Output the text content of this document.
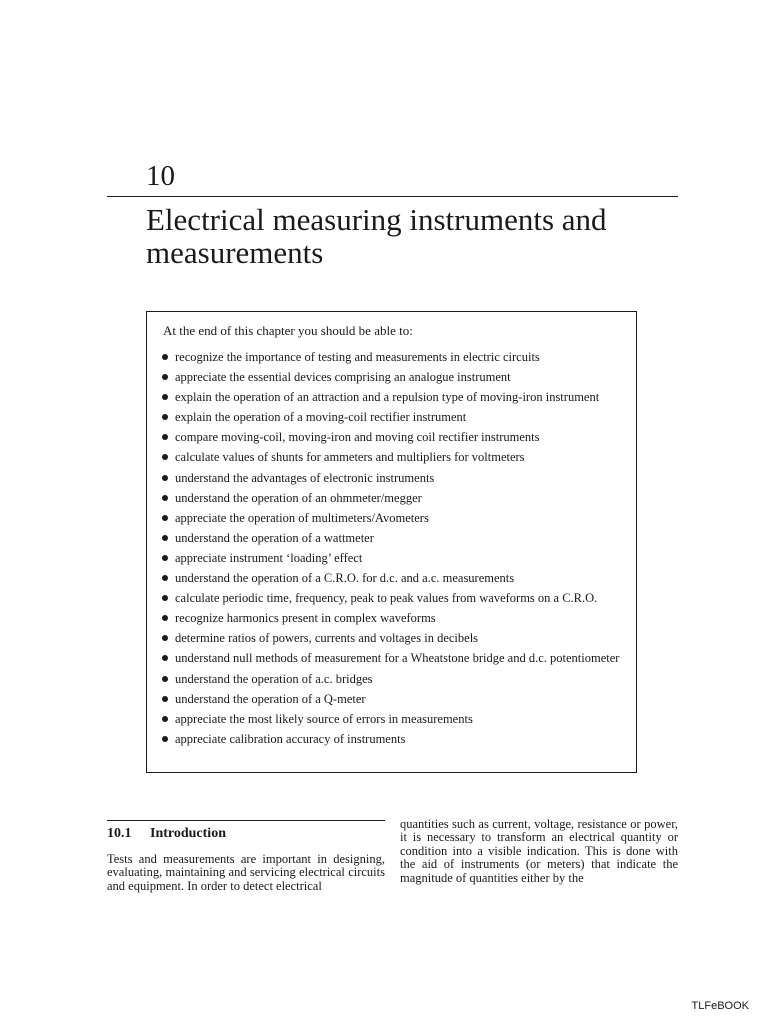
10
Electrical measuring instruments and
measurements
At the end of this chapter you should be able to:
recognize the importance of testing and measurements in electric circuits
appreciate the essential devices comprising an analogue instrument
explain the operation of an attraction and a repulsion type of moving-iron instrument
explain the operation of a moving-coil rectifier instrument
compare moving-coil, moving-iron and moving coil rectifier instruments
calculate values of shunts for ammeters and multipliers for voltmeters
understand the advantages of electronic instruments
understand the operation of an ohmmeter/megger
appreciate the operation of multimeters/Avometers
understand the operation of a wattmeter
appreciate instrument ‘loading’ effect
understand the operation of a C.R.O. for d.c. and a.c. measurements
calculate periodic time, frequency, peak to peak values from waveforms on a C.R.O.
recognize harmonics present in complex waveforms
determine ratios of powers, currents and voltages in decibels
understand null methods of measurement for a Wheatstone bridge and d.c. potentiometer
understand the operation of a.c. bridges
understand the operation of a Q-meter
appreciate the most likely source of errors in measurements
appreciate calibration accuracy of instruments
10.1 Introduction

Tests and measurements are important in designing, evaluating, maintaining and servicing electrical circuits and equipment. In order to detect electrical

quantities such as current, voltage, resistance or power, it is necessary to transform an electrical quantity or condition into a visible indication. This is done with the aid of instruments (or meters) that indicate the magnitude of quantities either by the

TLFeBOOK
